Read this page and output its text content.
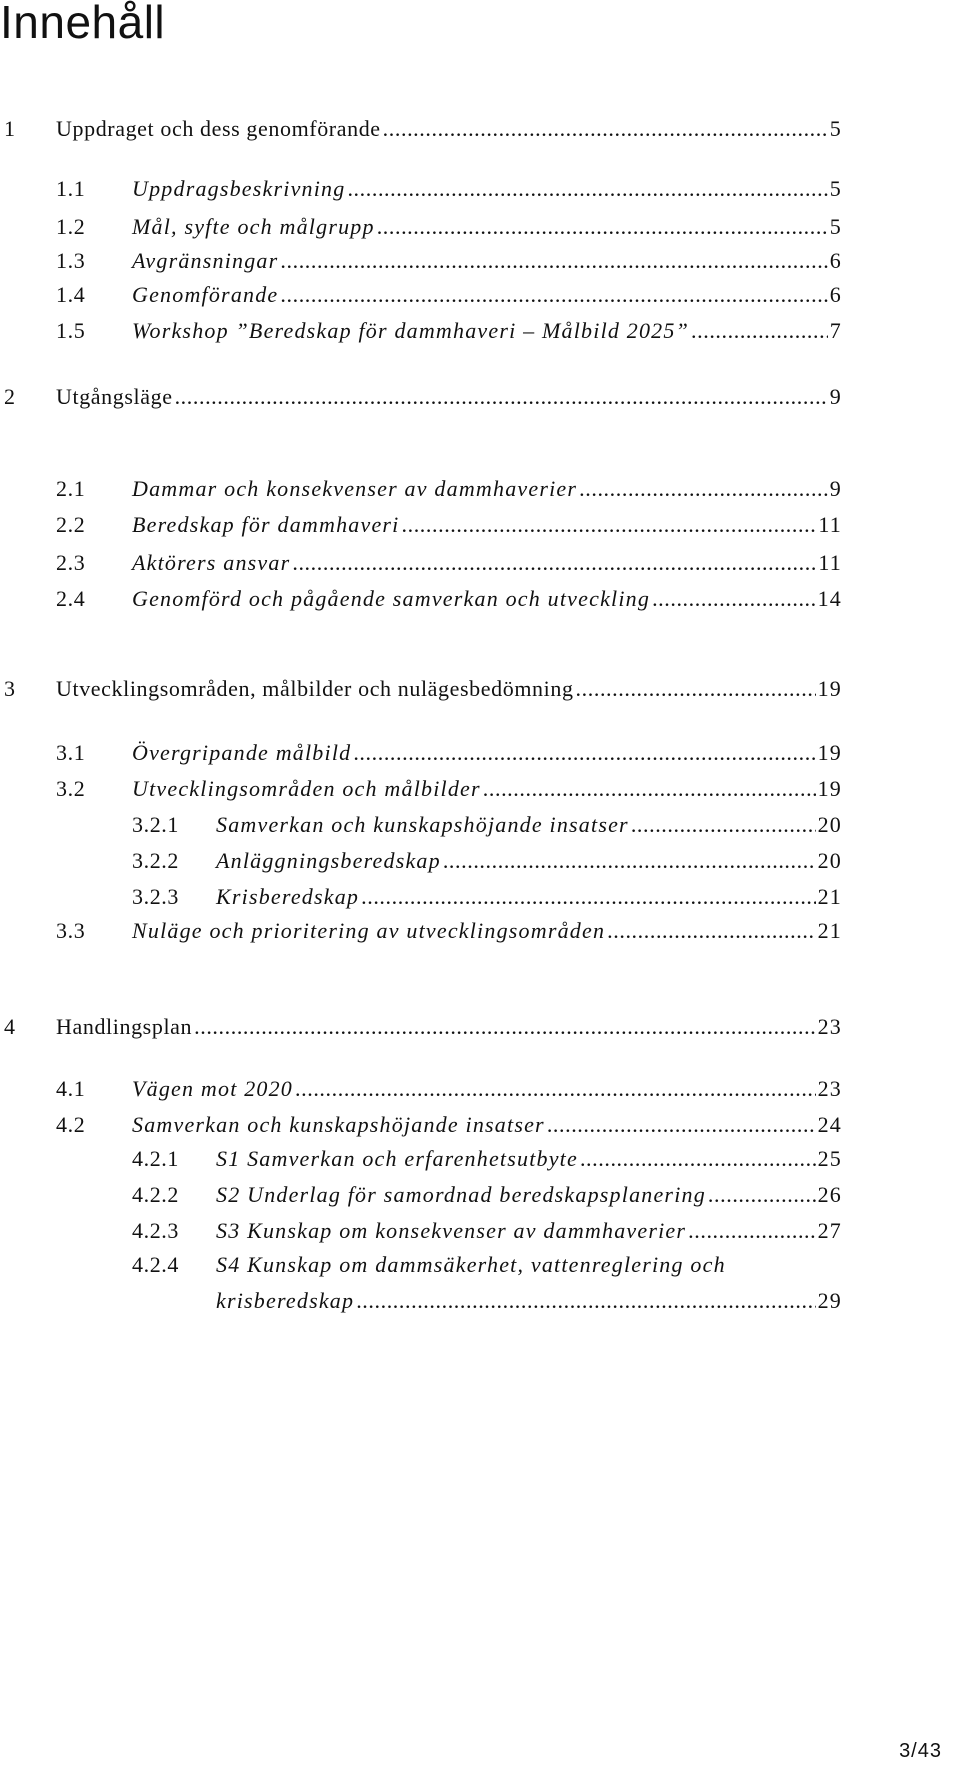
Innehåll
1 Uppdraget och dess genomförande .....	5
1.1 Uppdragsbeskrivning .....	5
1.2 Mål, syfte och målgrupp .....	5
1.3 Avgränsningar .....	6
1.4 Genomförande .....	6
1.5 Workshop ”Beredskap för dammhaveri – Målbild 2025” .....	7
2 Utgångsläge .....	9
2.1 Dammar och konsekvenser av dammhaverier .....	9
2.2 Beredskap för dammhaveri .....	11
2.3 Aktörers ansvar .....	11
2.4 Genomförd och pågående samverkan och utveckling .....	14
3 Utvecklingsområden, målbilder och nulägesbedömning .....	19
3.1 Övergripande målbild .....	19
3.2 Utvecklingsområden och målbilder .....	19
3.2.1 Samverkan och kunskapshöjande insatser .....	20
3.2.2 Anläggningsberedskap .....	20
3.2.3 Krisberedskap .....	21
3.3 Nuläge och prioritering av utvecklingsområden .....	21
4 Handlingsplan .....	23
4.1 Vägen mot 2020 .....	23
4.2 Samverkan och kunskapshöjande insatser .....	24
4.2.1 S1 Samverkan och erfarenhetsutbyte .....	25
4.2.2 S2 Underlag för samordnad beredskapsplanering .....	26
4.2.3 S3 Kunskap om konsekvenser av dammhaverier .....	27
4.2.4 S4 Kunskap om dammsäkerhet, vattenreglering och
krisberedskap .....	29
3/43
